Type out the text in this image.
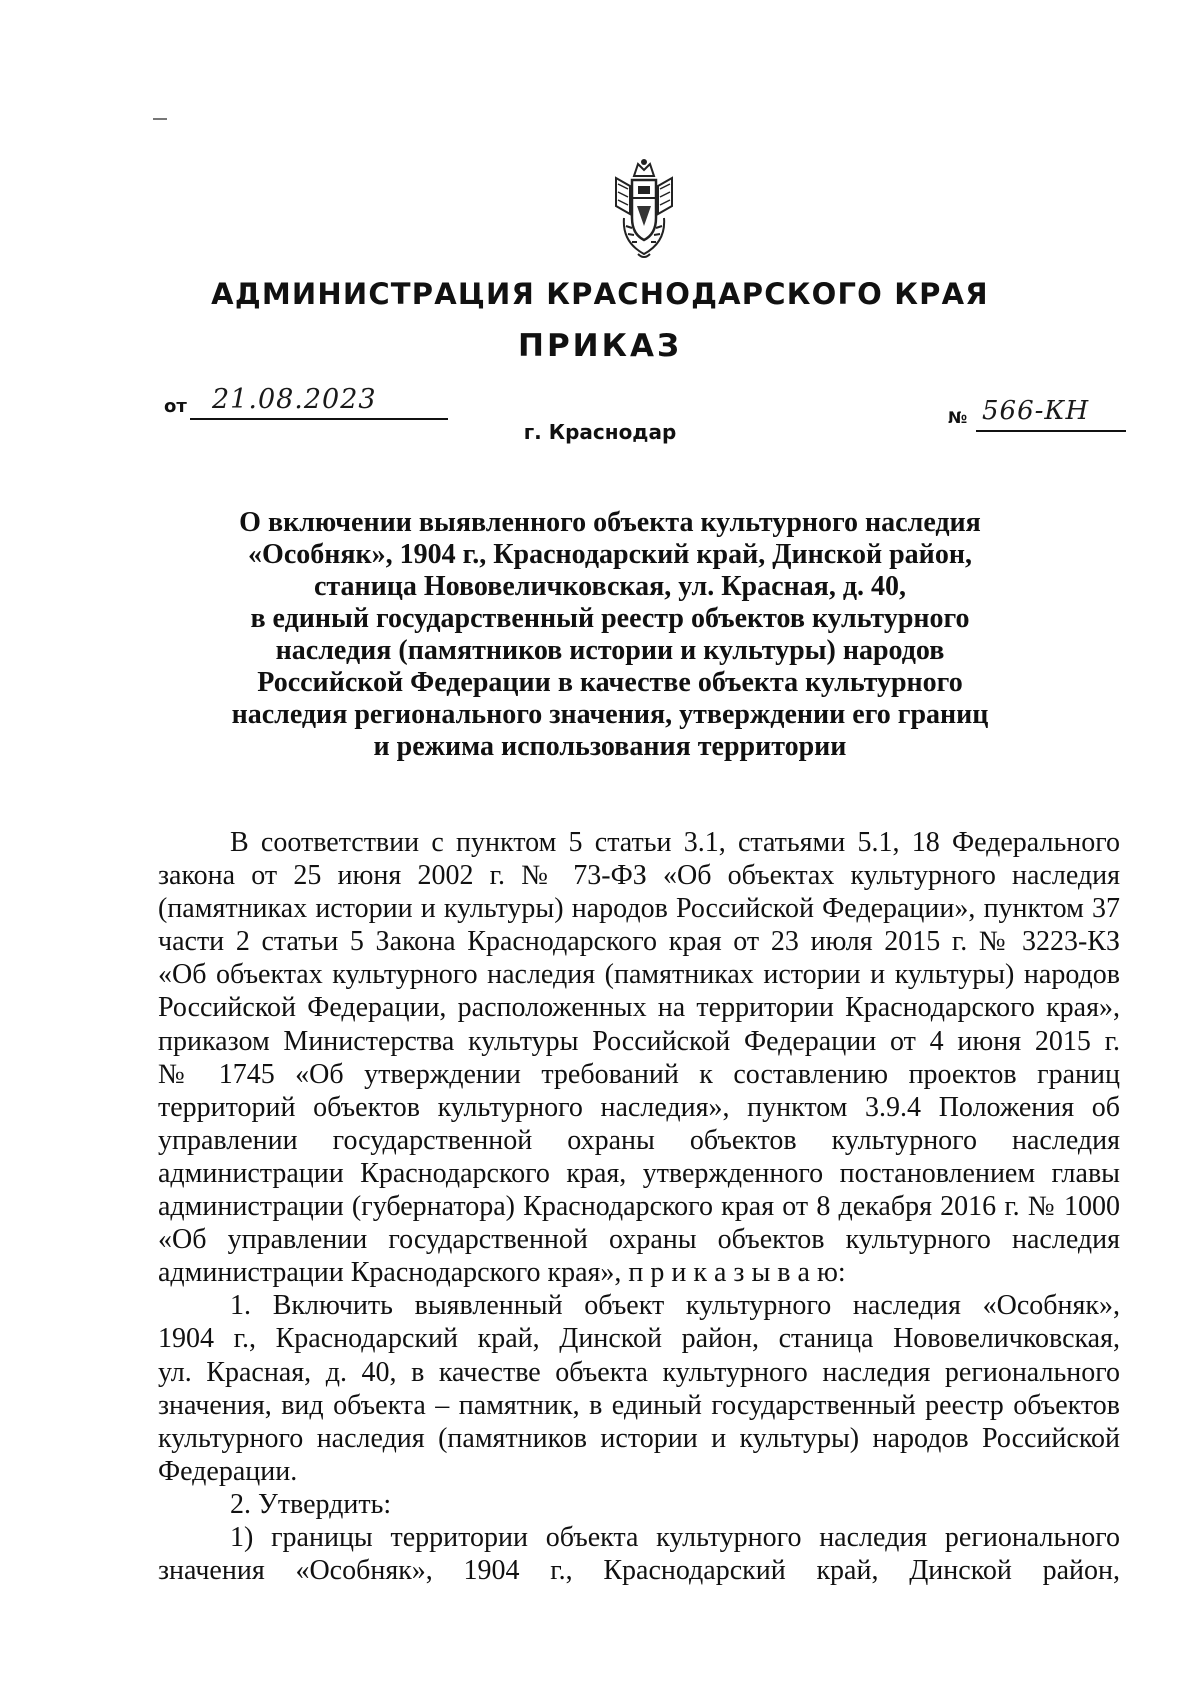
АДМИНИСТРАЦИЯ КРАСНОДАРСКОГО КРАЯ
ПРИКАЗ
от 21.08.2023

г. Краснодар

№ 566-КН
О включении выявленного объекта культурного наследия
«Особняк», 1904 г., Краснодарский край, Динской район,
станица Нововеличковская, ул. Красная, д. 40,
в единый государственный реестр объектов культурного
наследия (памятников истории и культуры) народов
Российской Федерации в качестве объекта культурного
наследия регионального значения, утверждении его границ
и режима использования территории
В соответствии с пунктом 5 статьи 3.1, статьями 5.1, 18 Федерального
закона от 25 июня 2002 г. № 73-ФЗ «Об объектах культурного наследия
(памятниках истории и культуры) народов Российской Федерации», пунктом 37
части 2 статьи 5 Закона Краснодарского края от 23 июля 2015 г. № 3223-КЗ
«Об объектах культурного наследия (памятниках истории и культуры) народов
Российской Федерации, расположенных на территории Краснодарского края»,
приказом Министерства культуры Российской Федерации от 4 июня 2015 г.
№ 1745 «Об утверждении требований к составлению проектов границ
территорий объектов культурного наследия», пунктом 3.9.4 Положения об
управлении государственной охраны объектов культурного наследия
администрации Краснодарского края, утвержденного постановлением главы
администрации (губернатора) Краснодарского края от 8 декабря 2016 г. № 1000
«Об управлении государственной охраны объектов культурного наследия
администрации Краснодарского края», п р и к а з ы в а ю:
1. Включить выявленный объект культурного наследия «Особняк»,
1904 г., Краснодарский край, Динской район, станица Нововеличковская,
ул. Красная, д. 40, в качестве объекта культурного наследия регионального
значения, вид объекта – памятник, в единый государственный реестр объектов
культурного наследия (памятников истории и культуры) народов Российской
Федерации.
2. Утвердить:
1) границы территории объекта культурного наследия регионального
значения «Особняк», 1904 г., Краснодарский край, Динской район,
